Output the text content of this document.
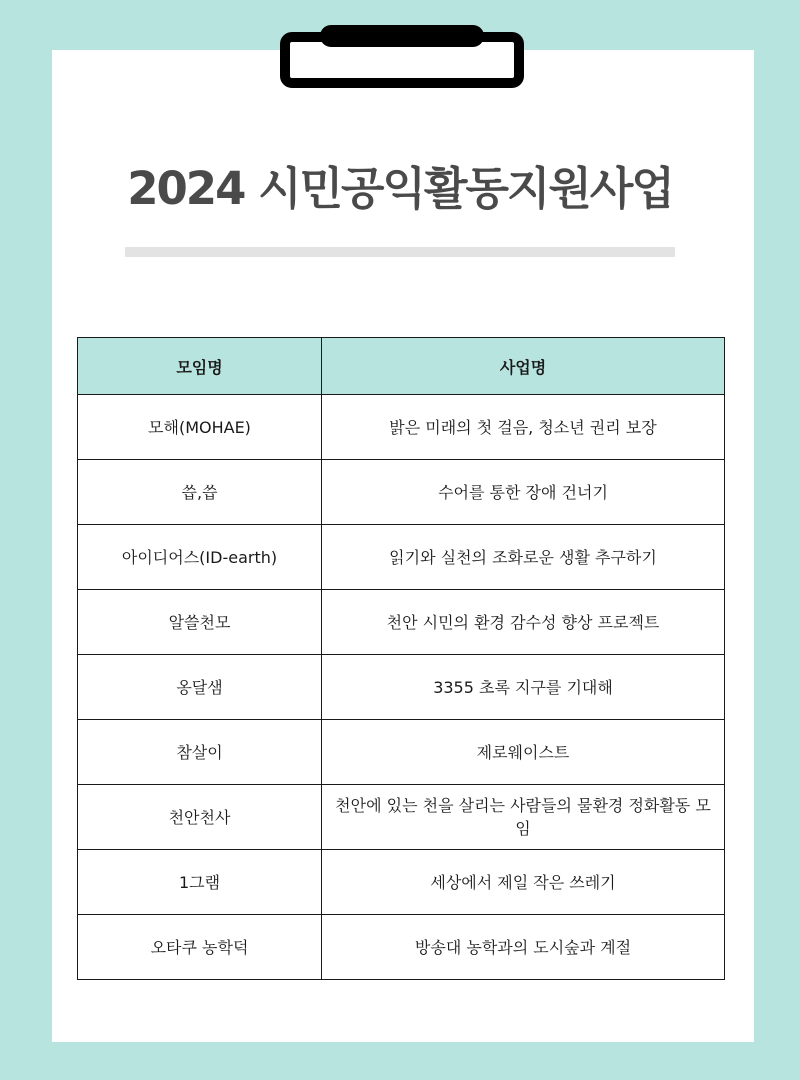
2024 시민공익활동지원사업
모임명	사업명
모해(MOHAE)	밝은 미래의 첫 걸음, 청소년 권리 보장
씁,씁	수어를 통한 장애 건너기
아이디어스(ID-earth)	읽기와 실천의 조화로운 생활 추구하기
알쓸천모	천안 시민의 환경 감수성 향상 프로젝트
옹달샘	3355 초록 지구를 기대해
참살이	제로웨이스트
천안천사	천안에 있는 천을 살리는 사람들의 물환경 정화활동 모임
1그램	세상에서 제일 작은 쓰레기
오타쿠 농학덕	방송대 농학과의 도시숲과 계절
